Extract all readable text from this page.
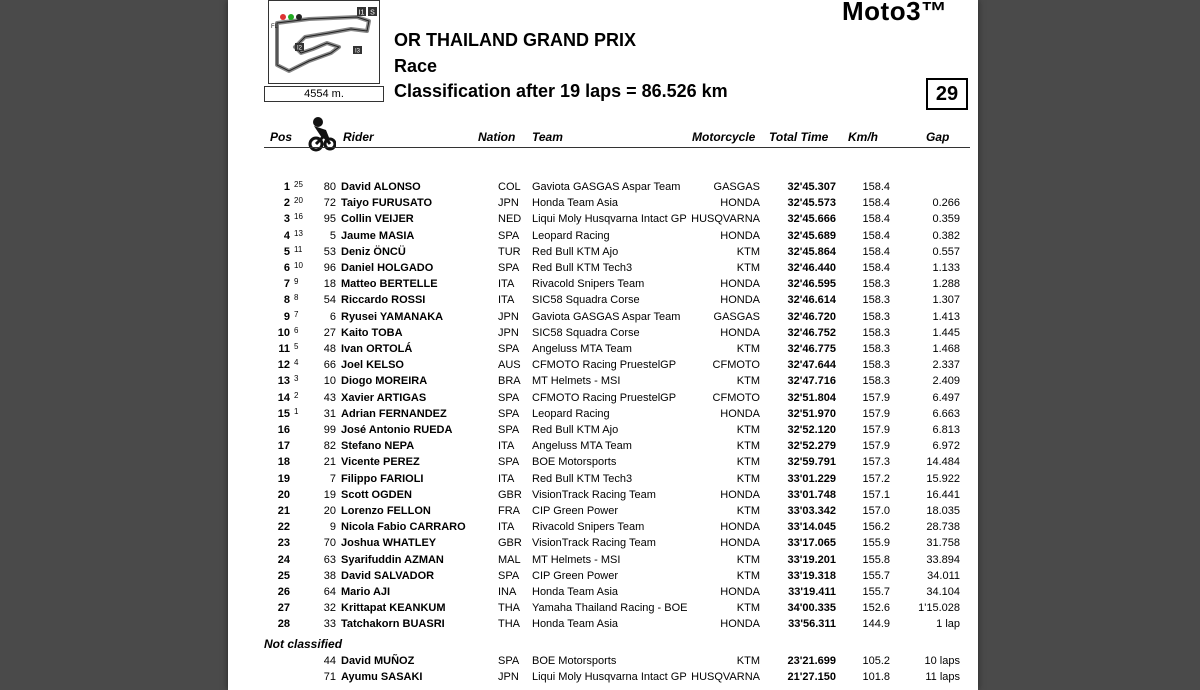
I1 S
FL
I2	I3
4554 m.
Moto3™
OR THAILAND GRAND PRIX
Race
Classification after 19 laps = 86.526 km	29
Pos	Rider	Nation Team	Motorcycle Total Time Km/h	Gap
1 25	80 David ALONSO	COL Gaviota GASGAS Aspar Team	GASGAS	32'45.307	158.4
2 20	72 Taiyo FURUSATO	JPN Honda Team Asia	HONDA	32'45.573	158.4	0.266
3 16	95 Collin VEIJER	NED Liqui Moly Husqvarna Intact GP HUSQVARNA	32'45.666	158.4	0.359
4 13	5 Jaume MASIA	SPA Leopard Racing	HONDA	32'45.689	158.4	0.382
5 11	53 Deniz ÖNCÜ	TUR Red Bull KTM Ajo	KTM	32'45.864	158.4	0.557
6 10	96 Daniel HOLGADO	SPA Red Bull KTM Tech3	KTM	32'46.440	158.4	1.133
7 9	18 Matteo BERTELLE	ITA Rivacold Snipers Team	HONDA	32'46.595	158.3	1.288
8 8	54 Riccardo ROSSI	ITA SIC58 Squadra Corse	HONDA	32'46.614	158.3	1.307
9 7	6 Ryusei YAMANAKA	JPN Gaviota GASGAS Aspar Team	GASGAS	32'46.720	158.3	1.413
10 6	27 Kaito TOBA	JPN SIC58 Squadra Corse	HONDA	32'46.752	158.3	1.445
11 5	48 Ivan ORTOLÁ	SPA Angeluss MTA Team	KTM	32'46.775	158.3	1.468
12 4	66 Joel KELSO	AUS CFMOTO Racing PruestelGP	CFMOTO	32'47.644	158.3	2.337
13 3	10 Diogo MOREIRA	BRA MT Helmets - MSI	KTM	32'47.716	158.3	2.409
14 2	43 Xavier ARTIGAS	SPA CFMOTO Racing PruestelGP	CFMOTO	32'51.804	157.9	6.497
15 1	31 Adrian FERNANDEZ	SPA Leopard Racing	HONDA	32'51.970	157.9	6.663
16	99 José Antonio RUEDA	SPA Red Bull KTM Ajo	KTM	32'52.120	157.9	6.813
17	82 Stefano NEPA	ITA Angeluss MTA Team	KTM	32'52.279	157.9	6.972
18	21 Vicente PEREZ	SPA BOE Motorsports	KTM	32'59.791	157.3	14.484
19	7 Filippo FARIOLI	ITA Red Bull KTM Tech3	KTM	33'01.229	157.2	15.922
20	19 Scott OGDEN	GBR VisionTrack Racing Team	HONDA	33'01.748	157.1	16.441
21	20 Lorenzo FELLON	FRA CIP Green Power	KTM	33'03.342	157.0	18.035
22	9 Nicola Fabio CARRARO	ITA Rivacold Snipers Team	HONDA	33'14.045	156.2	28.738
23	70 Joshua WHATLEY	GBR VisionTrack Racing Team	HONDA	33'17.065	155.9	31.758
24	63 Syarifuddin AZMAN	MAL MT Helmets - MSI	KTM	33'19.201	155.8	33.894
25	38 David SALVADOR	SPA CIP Green Power	KTM	33'19.318	155.7	34.011
26	64 Mario AJI	INA Honda Team Asia	HONDA	33'19.411	155.7	34.104
27	32 Krittapat KEANKUM	THA Yamaha Thailand Racing - BOE	KTM	34'00.335	152.6	1'15.028
28	33 Tatchakorn BUASRI	THA Honda Team Asia	HONDA	33'56.311	144.9	1 lap
Not classified
44 David MUÑOZ	SPA BOE Motorsports	KTM	23'21.699	105.2	10 laps
71 Ayumu SASAKI	JPN Liqui Moly Husqvarna Intact GP HUSQVARNA	21'27.150	101.8	11 laps
